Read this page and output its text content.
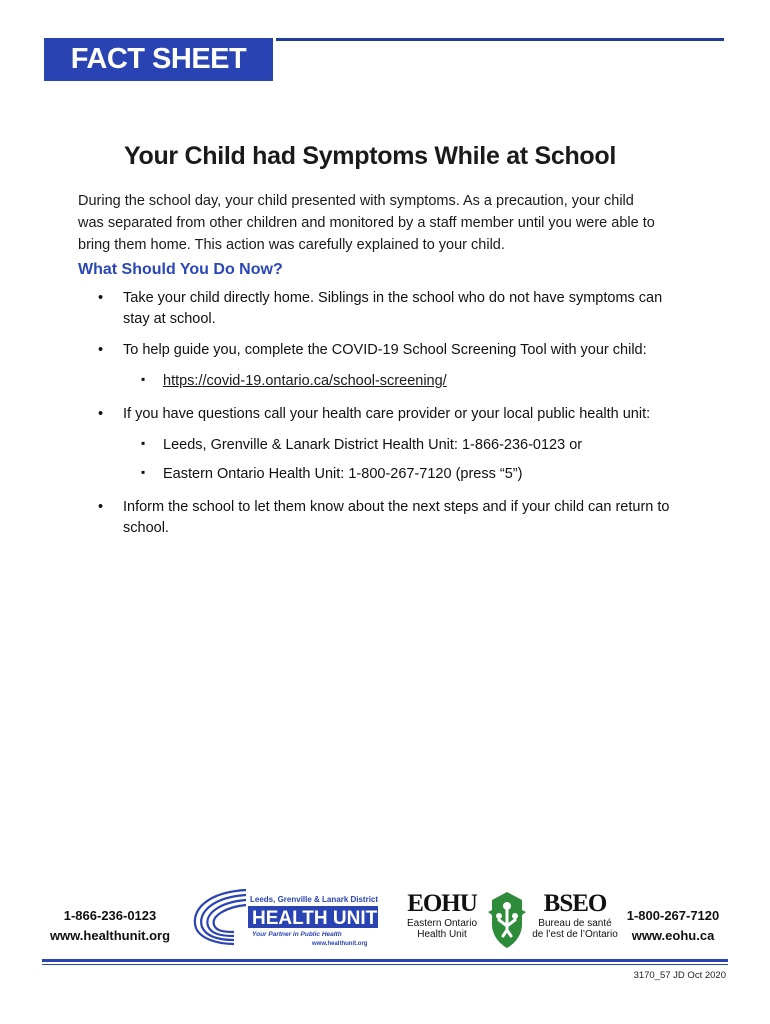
FACT SHEET
Your Child had Symptoms While at School
During the school day, your child presented with symptoms. As a precaution, your child was separated from other children and monitored by a staff member until you were able to bring them home. This action was carefully explained to your child.
What Should You Do Now?
• Take your child directly home. Siblings in the school who do not have symptoms can stay at school.
• To help guide you, complete the COVID-19 School Screening Tool with your child:
▪ https://covid-19.ontario.ca/school-screening/
• If you have questions call your health care provider or your local public health unit:
▪ Leeds, Grenville & Lanark District Health Unit: 1-866-236-0123 or
▪ Eastern Ontario Health Unit: 1-800-267-7120 (press “5”)
• Inform the school to let them know about the next steps and if your child can return to school.
1-866-236-0123
www.healthunit.org
Leeds, Grenville & Lanark District
HEALTH UNIT
Your Partner in Public Health
www.healthunit.org
EOHU
Eastern Ontario
Health Unit
BSEO
Bureau de santé
de l’est de l’Ontario
1-800-267-7120
www.eohu.ca
3170_57 JD Oct 2020
